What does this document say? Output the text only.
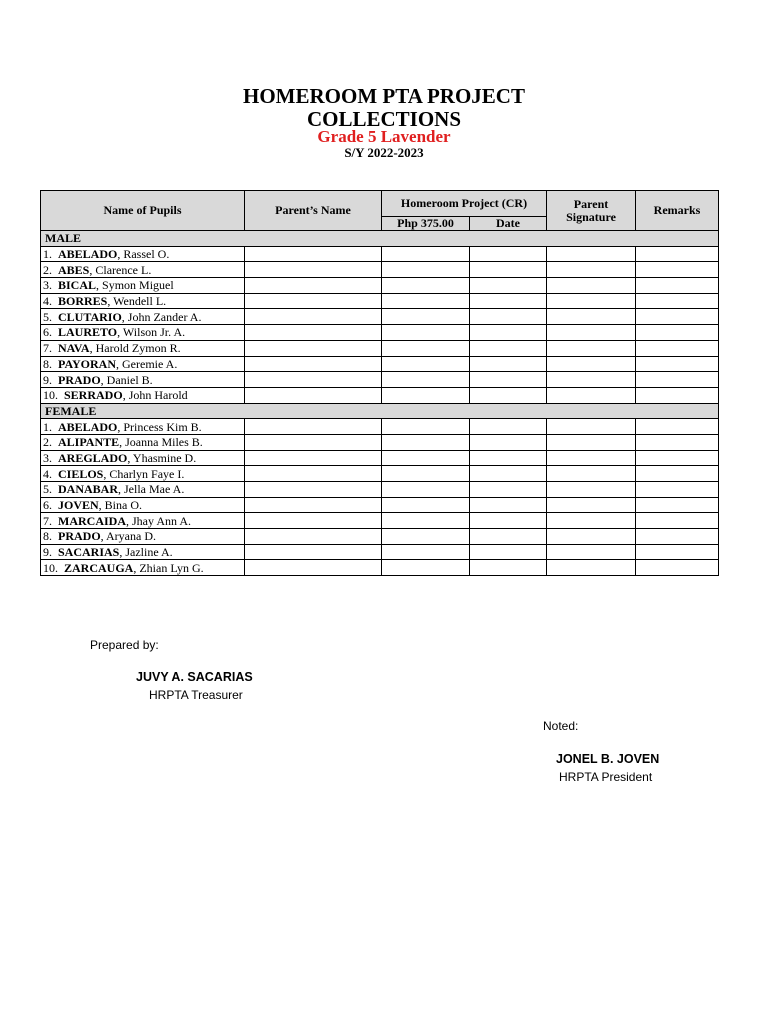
HOMEROOM PTA PROJECT
COLLECTIONS
Grade 5 Lavender
S/Y 2022-2023
Name of Pupils	Parent’s Name	Homeroom Project (CR)		Parent Signature	Remarks
		Php 375.00	Date		
MALE					
1. ABELADO, Rassel O.					
2. ABES, Clarence L.					
3. BICAL, Symon Miguel					
4. BORRES, Wendell L.					
5. CLUTARIO, John Zander A.					
6. LAURETO, Wilson Jr. A.					
7. NAVA, Harold Zymon R.					
8. PAYORAN, Geremie A.					
9. PRADO, Daniel B.					
10. SERRADO, John Harold					
FEMALE					
1. ABELADO, Princess Kim B.					
2. ALIPANTE, Joanna Miles B.					
3. AREGLADO, Yhasmine D.					
4. CIELOS, Charlyn Faye I.					
5. DANABAR, Jella Mae A.					
6. JOVEN, Bina O.					
7. MARCAIDA, Jhay Ann A.					
8. PRADO, Aryana D.					
9. SACARIAS, Jazline A.					
10. ZARCAUGA, Zhian Lyn G.					
Prepared by:
JUVY A. SACARIAS
HRPTA Treasurer
Noted:
JONEL B. JOVEN
HRPTA President
